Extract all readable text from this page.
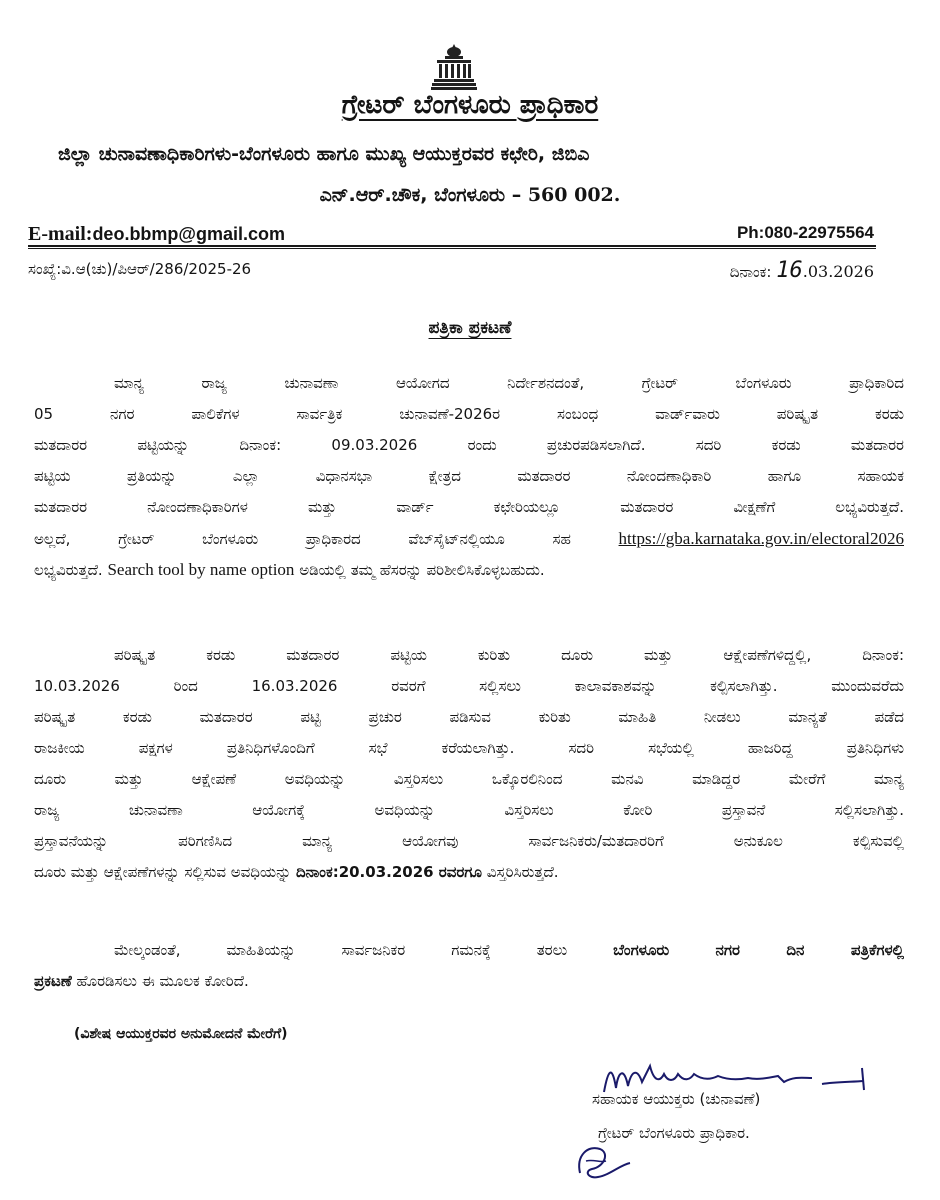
ಗ್ರೇಟರ್ ಬೆಂಗಳೂರು ಪ್ರಾಧಿಕಾರ
ಜಿಲ್ಲಾ ಚುನಾವಣಾಧಿಕಾರಿಗಳು-ಬೆಂಗಳೂರು ಹಾಗೂ ಮುಖ್ಯ ಆಯುಕ್ತರವರ ಕಛೇರಿ, ಜಿಬಿಎ
ಎನ್.ಆರ್.ಚೌಕ, ಬೆಂಗಳೂರು – 560 002.
E-mail:deo.bbmp@gmail.com	Ph:080-22975564
ಸಂಖ್ಯೆ:ವಿ.ಆ(ಚು)/ಪಿಆರ್/286/2025-26	ದಿನಾಂಕ: 16.03.2026
ಪತ್ರಿಕಾ ಪ್ರಕಟಣೆ
ಮಾನ್ಯ ರಾಜ್ಯ ಚುನಾವಣಾ ಆಯೋಗದ ನಿರ್ದೇಶನದಂತೆ, ಗ್ರೇಟರ್ ಬೆಂಗಳೂರು ಪ್ರಾಧಿಕಾರಿದ
05 ನಗರ ಪಾಲಿಕೆಗಳ ಸಾರ್ವತ್ರಿಕ ಚುನಾವಣೆ-2026ರ ಸಂಬಂಧ ವಾರ್ಡ್‌ವಾರು ಪರಿಷ್ಕೃತ ಕರಡು
ಮತದಾರರ ಪಟ್ಟಿಯನ್ನು ದಿನಾಂಕ: 09.03.2026 ರಂದು ಪ್ರಚುರಪಡಿಸಲಾಗಿದೆ. ಸದರಿ ಕರಡು ಮತದಾರರ
ಪಟ್ಟಿಯ ಪ್ರತಿಯನ್ನು ಎಲ್ಲಾ ವಿಧಾನಸಭಾ ಕ್ಷೇತ್ರದ ಮತದಾರರ ನೋಂದಣಾಧಿಕಾರಿ ಹಾಗೂ ಸಹಾಯಕ
ಮತದಾರರ ನೋಂದಣಾಧಿಕಾರಿಗಳ ಮತ್ತು ವಾರ್ಡ್ ಕಛೇರಿಯಲ್ಲೂ ಮತದಾರರ ವೀಕ್ಷಣೆಗೆ ಲಭ್ಯವಿರುತ್ತದೆ.
ಅಲ್ಲದೆ, ಗ್ರೇಟರ್ ಬೆಂಗಳೂರು ಪ್ರಾಧಿಕಾರದ ವೆಬ್‌ಸೈಟ್‌ನಲ್ಲಿಯೂ ಸಹ https://gba.karnataka.gov.in/electoral2026
ಲಭ್ಯವಿರುತ್ತದೆ. Search tool by name option ಅಡಿಯಲ್ಲಿ ತಮ್ಮ ಹೆಸರನ್ನು ಪರಿಶೀಲಿಸಿಕೊಳ್ಳಬಹುದು.
ಪರಿಷ್ಕೃತ ಕರಡು ಮತದಾರರ ಪಟ್ಟಿಯ ಕುರಿತು ದೂರು ಮತ್ತು ಆಕ್ಷೇಪಣೆಗಳಿದ್ದಲ್ಲಿ, ದಿನಾಂಕ:
10.03.2026 ರಿಂದ 16.03.2026 ರವರಗೆ ಸಲ್ಲಿಸಲು ಕಾಲಾವಕಾಶವನ್ನು ಕಲ್ಪಿಸಲಾಗಿತ್ತು. ಮುಂದುವರೆದು
ಪರಿಷ್ಕೃತ ಕರಡು ಮತದಾರರ ಪಟ್ಟಿ ಪ್ರಚುರ ಪಡಿಸುವ ಕುರಿತು ಮಾಹಿತಿ ನೀಡಲು ಮಾನ್ಯತೆ ಪಡೆದ
ರಾಜಕೀಯ ಪಕ್ಷಗಳ ಪ್ರತಿನಿಧಿಗಳೊಂದಿಗೆ ಸಭೆ ಕರೆಯಲಾಗಿತ್ತು. ಸದರಿ ಸಭೆಯಲ್ಲಿ ಹಾಜರಿದ್ದ ಪ್ರತಿನಿಧಿಗಳು
ದೂರು ಮತ್ತು ಆಕ್ಷೇಪಣೆ ಅವಧಿಯನ್ನು ವಿಸ್ತರಿಸಲು ಒಕ್ಕೊರಲಿನಿಂದ ಮನವಿ ಮಾಡಿದ್ದರ ಮೇರೆಗೆ ಮಾನ್ಯ
ರಾಜ್ಯ ಚುನಾವಣಾ ಆಯೋಗಕ್ಕೆ ಅವಧಿಯನ್ನು ವಿಸ್ತರಿಸಲು ಕೋರಿ ಪ್ರಸ್ತಾವನೆ ಸಲ್ಲಿಸಲಾಗಿತ್ತು.
ಪ್ರಸ್ತಾವನೆಯನ್ನು ಪರಿಗಣಿಸಿದ ಮಾನ್ಯ ಆಯೋಗವು ಸಾರ್ವಜನಿಕರು/ಮತದಾರರಿಗೆ ಅನುಕೂಲ ಕಲ್ಪಿಸುವಲ್ಲಿ
ದೂರು ಮತ್ತು ಆಕ್ಷೇಪಣೆಗಳನ್ನು ಸಲ್ಲಿಸುವ ಅವಧಿಯನ್ನು ದಿನಾಂಕ:20.03.2026 ರವರಗೂ ವಿಸ್ತರಿಸಿರುತ್ತದೆ.
ಮೇಲ್ಕಂಡಂತೆ, ಮಾಹಿತಿಯನ್ನು ಸಾರ್ವಜನಿಕರ ಗಮನಕ್ಕೆ ತರಲು ಬೆಂಗಳೂರು ನಗರ ದಿನ ಪತ್ರಿಕೆಗಳಲ್ಲಿ
ಪ್ರಕಟಣೆ ಹೊರಡಿಸಲು ಈ ಮೂಲಕ ಕೋರಿದೆ.
(ವಿಶೇಷ ಆಯುಕ್ತರವರ ಅನುಮೋದನೆ ಮೇರೆಗೆ)
ಸಹಾಯಕ ಆಯುಕ್ತರು (ಚುನಾವಣೆ)
ಗ್ರೇಟರ್ ಬೆಂಗಳೂರು ಪ್ರಾಧಿಕಾರ.
